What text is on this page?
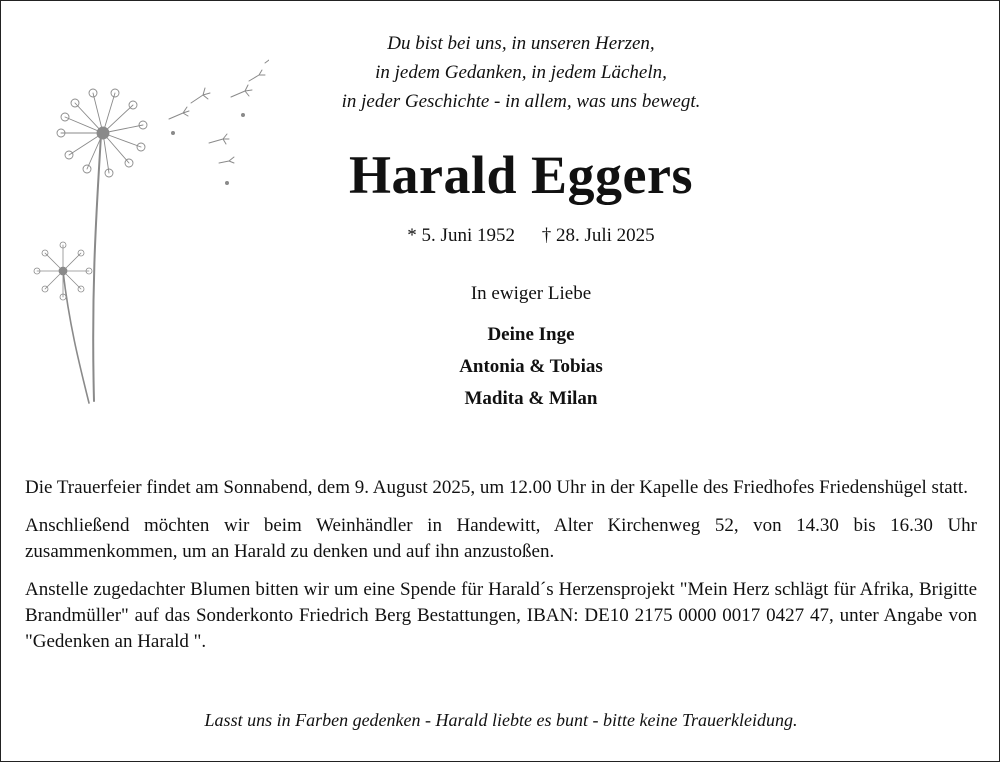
Du bist bei uns, in unseren Herzen,
in jedem Gedanken, in jedem Lächeln,
in jeder Geschichte - in allem, was uns bewegt.
Harald Eggers
* 5. Juni 1952 † 28. Juli 2025
In ewiger Liebe
Deine Inge
Antonia & Tobias
Madita & Milan

Die Trauerfeier findet am Sonnabend, dem 9. August 2025, um 12.00 Uhr in der Kapelle des Friedhofes Friedenshügel statt.

Anschließend möchten wir beim Weinhändler in Handewitt, Alter Kirchenweg 52, von 14.30 bis 16.30 Uhr zusammenkommen, um an Harald zu denken und auf ihn anzustoßen.

Anstelle zugedachter Blumen bitten wir um eine Spende für Harald´s Herzensprojekt "Mein Herz schlägt für Afrika, Brigitte Brandmüller" auf das Sonderkonto Friedrich Berg Bestattungen, IBAN: DE10 2175 0000 0017 0427 47, unter Angabe von "Gedenken an Harald ".

Lasst uns in Farben gedenken - Harald liebte es bunt - bitte keine Trauerkleidung.
